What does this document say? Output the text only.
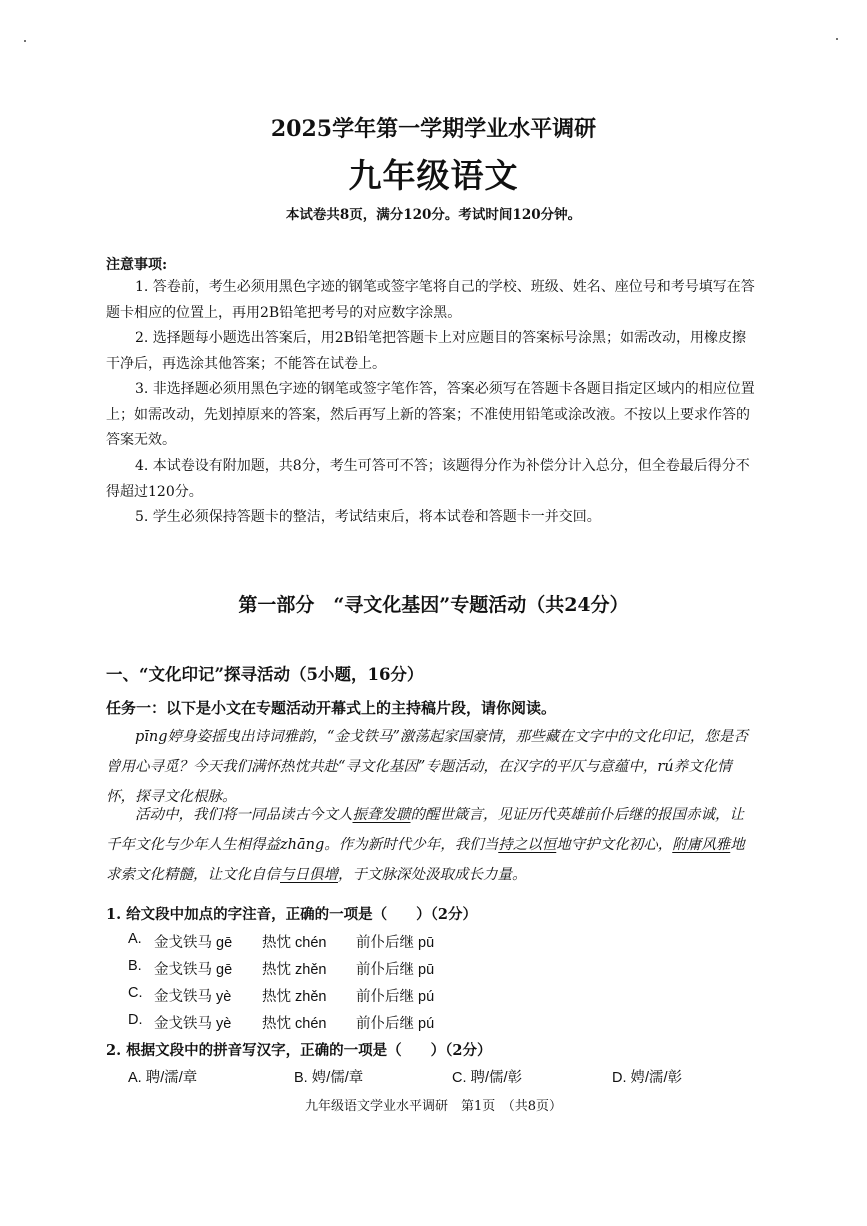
2025学年第一学期学业水平调研
九年级语文
本试卷共8页，满分120分。考试时间120分钟。
注意事项:
1. 答卷前，考生必须用黑色字迹的钢笔或签字笔将自己的学校、班级、姓名、座位号和考号填写在答题卡相应的位置上，再用2B铅笔把考号的对应数字涂黑。
2. 选择题每小题选出答案后，用2B铅笔把答题卡上对应题目的答案标号涂黑；如需改动，用橡皮擦干净后，再选涂其他答案；不能答在试卷上。
3. 非选择题必须用黑色字迹的钢笔或签字笔作答，答案必须写在答题卡各题目指定区域内的相应位置上；如需改动，先划掉原来的答案，然后再写上新的答案；不准使用铅笔或涂改液。不按以上要求作答的答案无效。
4. 本试卷设有附加题，共8分，考生可答可不答；该题得分作为补偿分计入总分，但全卷最后得分不得超过120分。
5. 学生必须保持答题卡的整洁，考试结束后，将本试卷和答题卡一并交回。
第一部分　“寻文化基因”专题活动（共24分）
一、“文化印记”探寻活动（5小题，16分）
任务一：以下是小文在专题活动开幕式上的主持稿片段，请你阅读。
pīng婷身姿摇曳出诗词雅韵，“金戈铁马”激荡起家国豪情，那些藏在文字中的文化印记，您是否曾用心寻觅？今天我们满怀热忱共赴“寻文化基因”专题活动，在汉字的平仄与意蕴中，rú养文化情怀，探寻文化根脉。
活动中，我们将一同品读古今文人振聋发聩的醒世箴言，见证历代英雄前仆后继的报国赤诚，让千年文化与少年人生相得益zhāng。作为新时代少年，我们当持之以恒地守护文化初心，附庸风雅地求索文化精髓，让文化自信与日俱增，于文脉深处汲取成长力量。
1. 给文段中加点的字注音，正确的一项是（　　）（2分）
A. 金戈铁马 gē 热忱 chén 前仆后继 pū
B. 金戈铁马 gē 热忱 zhěn 前仆后继 pū
C. 金戈铁马 yè 热忱 zhěn 前仆后继 pú
D. 金戈铁马 yè 热忱 chén 前仆后继 pú
2. 根据文段中的拼音写汉字，正确的一项是（　　）（2分）
A. 聘/濡/章	B. 娉/儒/章	C. 聘/儒/彰	D. 娉/濡/彰
九年级语文学业水平调研　第1页　（共8页）
